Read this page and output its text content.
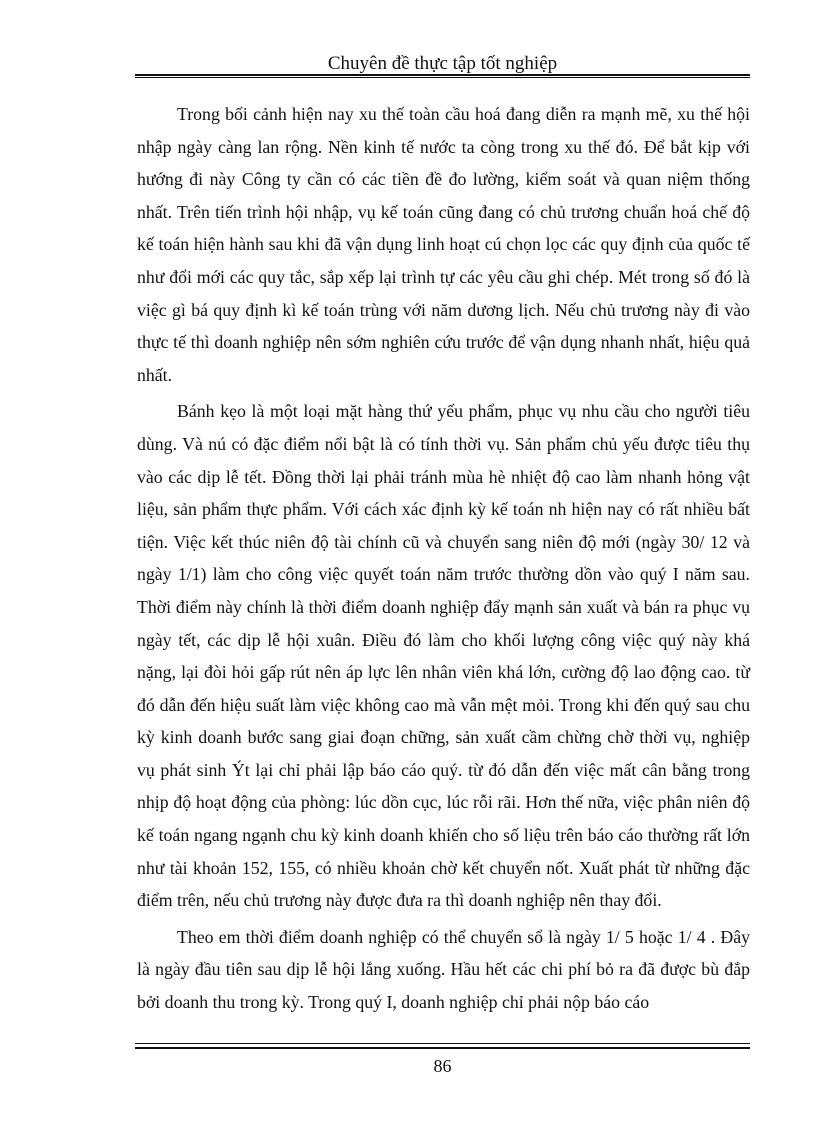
Chuyên đề thực tập tốt nghiệp

Trong bối cảnh hiện nay xu thế toàn cầu hoá đang diễn ra mạnh mẽ, xu thế hội nhập ngày càng lan rộng. Nền kinh tế nước ta còng trong xu thế đó. Để bắt kịp với hướng đi này Công ty cần có các tiền đề đo lường, kiểm soát và quan niệm thống nhất. Trên tiến trình hội nhập, vụ kế toán cũng đang có chủ trương chuẩn hoá chế độ kế toán hiện hành sau khi đã vận dụng linh hoạt cú chọn lọc các quy định của quốc tế như đổi mới các quy tắc, sắp xếp lại trình tự các yêu cầu ghi chép. Mét trong số đó là việc gì bá quy định kì kế toán trùng với năm dương lịch. Nếu chủ trương này đi vào thực tế thì doanh nghiệp nên sớm nghiên cứu trước để vận dụng nhanh nhất, hiệu quả nhất.

Bánh kẹo là một loại mặt hàng thứ yếu phẩm, phục vụ nhu cầu cho người tiêu dùng. Và nú có đặc điểm nổi bật là có tính thời vụ. Sản phẩm chủ yếu được tiêu thụ vào các dịp lễ tết. Đồng thời lại phải tránh mùa hè nhiệt độ cao làm nhanh hỏng vật liệu, sản phẩm thực phẩm. Với cách xác định kỳ kế toán nh hiện nay có rất nhiều bất tiện. Việc kết thúc niên độ tài chính cũ và chuyển sang niên độ mới (ngày 30/ 12 và ngày 1/1) làm cho công việc quyết toán năm trước thường dồn vào quý I năm sau. Thời điểm này chính là thời điểm doanh nghiệp đẩy mạnh sản xuất và bán ra phục vụ ngày tết, các dịp lễ hội xuân. Điều đó làm cho khối lượng công việc quý này khá nặng, lại đòi hỏi gấp rút nên áp lực lên nhân viên khá lớn, cường độ lao động cao. từ đó dẫn đến hiệu suất làm việc không cao mà vẫn mệt mỏi. Trong khi đến quý sau chu kỳ kinh doanh bước sang giai đoạn chững, sản xuất cầm chừng chờ thời vụ, nghiệp vụ phát sinh Ýt lại chỉ phải lập báo cáo quý. từ đó dẫn đến việc mất cân bằng trong nhịp độ hoạt động của phòng: lúc dồn cục, lúc rỗi rãi. Hơn thế nữa, việc phân niên độ kế toán ngang ngạnh chu kỳ kinh doanh khiến cho số liệu trên báo cáo thường rất lớn như tài khoản 152, 155, có nhiều khoản chờ kết chuyển nốt. Xuất phát từ những đặc điểm trên, nếu chủ trương này được đưa ra thì doanh nghiệp nên thay đổi.

Theo em thời điểm doanh nghiệp có thể chuyển sổ là ngày 1/ 5 hoặc 1/ 4 . Đây là ngày đầu tiên sau dịp lễ hội lắng xuống. Hầu hết các chi phí bỏ ra đã được bù đắp bởi doanh thu trong kỳ. Trong quý I, doanh nghiệp chỉ phải nộp báo cáo

86
